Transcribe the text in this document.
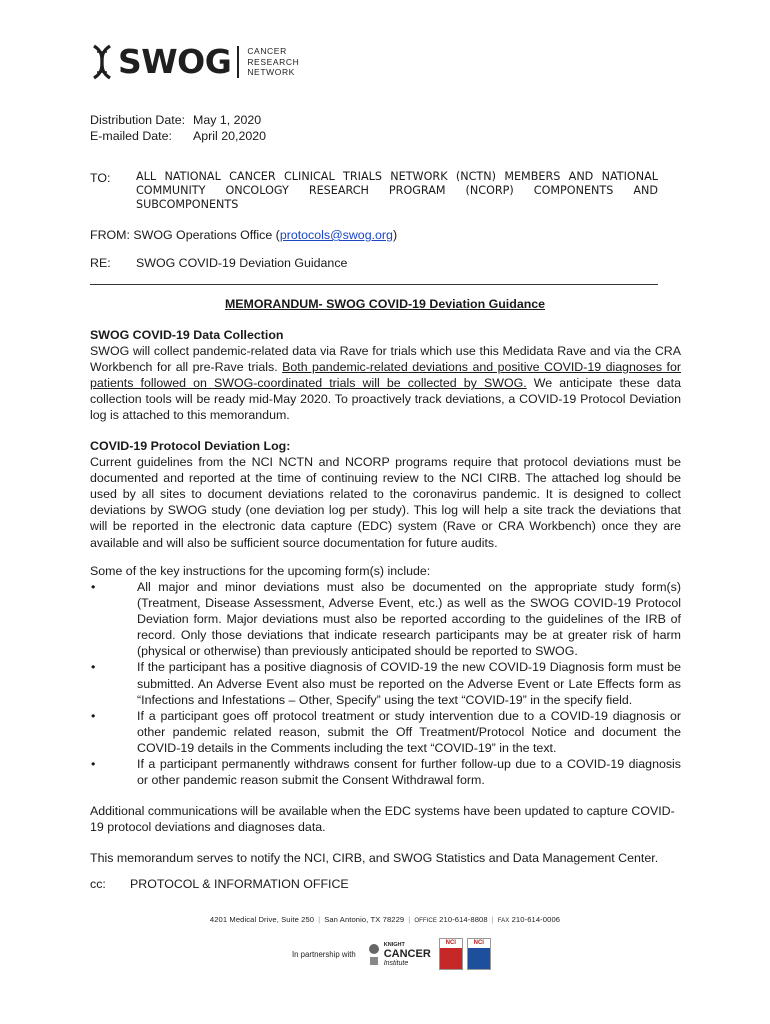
SWOG CANCER
RESEARCH
NETWORK
Distribution Date: May 1, 2020
E-mailed Date:	April 20,2020
TO: ALL NATIONAL CANCER CLINICAL TRIALS NETWORK (NCTN) MEMBERS AND NATIONAL COMMUNITY ONCOLOGY RESEARCH PROGRAM (NCORP) COMPONENTS AND SUBCOMPONENTS
FROM: SWOG Operations Office (protocols@swog.org)
RE: SWOG COVID-19 Deviation Guidance
MEMORANDUM- SWOG COVID-19 Deviation Guidance

SWOG COVID-19 Data Collection

SWOG will collect pandemic-related data via Rave for trials which use this Medidata Rave and via the CRA Workbench for all pre-Rave trials. Both pandemic-related deviations and positive COVID-19 diagnoses for patients followed on SWOG-coordinated trials will be collected by SWOG. We anticipate these data collection tools will be ready mid-May 2020. To proactively track deviations, a COVID-19 Protocol Deviation log is attached to this memorandum.

COVID-19 Protocol Deviation Log:

Current guidelines from the NCI NCTN and NCORP programs require that protocol deviations must be documented and reported at the time of continuing review to the NCI CIRB. The attached log should be used by all sites to document deviations related to the coronavirus pandemic. It is designed to collect deviations by SWOG study (one deviation log per study). This log will help a site track the deviations that will be reported in the electronic data capture (EDC) system (Rave or CRA Workbench) once they are available and will also be sufficient source documentation for future audits.

Some of the key instructions for the upcoming form(s) include:
•	All major and minor deviations must also be documented on the appropriate study form(s) (Treatment, Disease Assessment, Adverse Event, etc.) as well as the SWOG COVID-19 Protocol Deviation form. Major deviations must also be reported according to the guidelines of the IRB of record. Only those deviations that indicate research participants may be at greater risk of harm (physical or otherwise) than previously anticipated should be reported to SWOG.
•	If the participant has a positive diagnosis of COVID-19 the new COVID-19 Diagnosis form must be submitted. An Adverse Event also must be reported on the Adverse Event or Late Effects form as “Infections and Infestations – Other, Specify” using the text “COVID-19” in the specify field.
•	If a participant goes off protocol treatment or study intervention due to a COVID-19 diagnosis or other pandemic related reason, submit the Off Treatment/Protocol Notice and document the COVID-19 details in the Comments including the text “COVID-19” in the text.
•	If a participant permanently withdraws consent for further follow-up due to a COVID-19 diagnosis or other pandemic reason submit the Consent Withdrawal form.
Additional communications will be available when the EDC systems have been updated to capture COVID-19 protocol deviations and diagnoses data.
This memorandum serves to notify the NCI, CIRB, and SWOG Statistics and Data Management Center.
cc: PROTOCOL & INFORMATION OFFICE
4201 Medical Drive, Suite 250 | San Antonio, TX 78229 | OFFICE 210-614-8808 | FAX 210-614-0006
In partnership with
KNIGHT
CANCER
Institute
NCI	NCI
